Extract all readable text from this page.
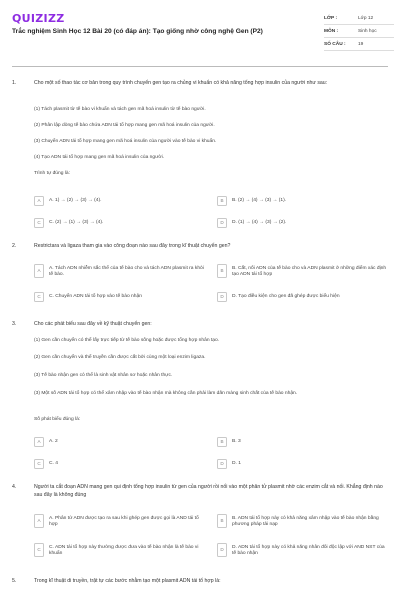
QUIZIZZ
Trắc nghiệm Sinh Học 12 Bài 20 (có đáp án): Tạo giống nhờ công nghệ Gen (P2)
LỚP :	Lớp 12
MÔN :	Sinh học
SỐ CÂU :	19
1.	Cho một số thao tác cơ bản trong quy trình chuyển gen tạo ra chủng vi khuẩn có khả năng tổng hợp insulin của người như sau:
(1) Tách plasmit từ tế bào vi khuẩn và tách gen mã hoá insulin từ tế bào người.
(2) Phân lập dòng tế bào chứa ADN tái tổ hợp mang gen mã hoá insulin của người.
(3) Chuyển ADN tái tổ hợp mang gen mã hoá insulin của người vào tế bào vi khuẩn.
(4) Tạo ADN tái tổ hợp mang gen mã hoá insulin của người.
Trình tự đúng là:
A	A. 1) → (2) → (3) → (4).	B	B. (2) → (4) → (3) → (1).
C	C. (2) → (1) → (3) → (4).	D	D. (1) → (4) → (3) → (2).
2.	Restrictara và ligaza tham gia vào công đoạn nào sau đây trong kĩ thuật chuyển gen?
A	A. Tách ADN nhiễm sắc thể của tế bào cho và tách ADN plasmit ra khỏi tế bào.
B	B. Cắt, nối ADN của tế bào cho và ADN plasmit ở những điểm xác định tạo ADN tái tổ hợp
C	C. Chuyển ADN tái tổ hợp vào tế bào nhận	D	D. Tạo điều kiện cho gen đã ghép được biểu hiện
3.	Cho các phát biểu sau đây về kỹ thuật chuyển gen:
(1) Gen cần chuyển có thể lấy trực tiếp từ tế bào sống hoặc được tổng hợp nhân tạo.
(2) Gen cần chuyển và thể truyền cần được cắt bởi cùng một loại enzim ligaza.
(3) Tế bào nhận gen có thể là sinh vật nhân sơ hoặc nhân thực.
(3) Một số ADN tái tổ hợp có thể xâm nhập vào tế bào nhận mà không cần phải làm dãn màng sinh chất của tế bào nhận.
Số phát biểu đúng là:
A	A. 2	B	B. 3
C	C. 4	D	D. 1
4.	Người ta cắt đoạn ADN mang gen qui định tổng hợp insulin từ gen của người rồi nối vào một phân tử plasmit nhờ các enzim cắt và nối. Khẳng định nào sau đây là không đúng
A	A. Phân tử ADN được tạo ra sau khi ghép gen được gọi là AND tái tổ hợp
B	B. ADN tái tổ hợp này có khả năng xâm nhập vào tế bào nhận bằng phương pháp tải nạp
C	C. ADN tái tổ hợp này thường được đưa vào tế bào nhận là tế bào vi khuẩn
D	D. ADN tái tổ hợp này có khả năng nhân đôi độc lập với AND NST của tế bào nhận
5.	Trong kĩ thuật di truyền, trật tự các bước nhằm tạo một plasmit ADN tái tổ hợp là:
